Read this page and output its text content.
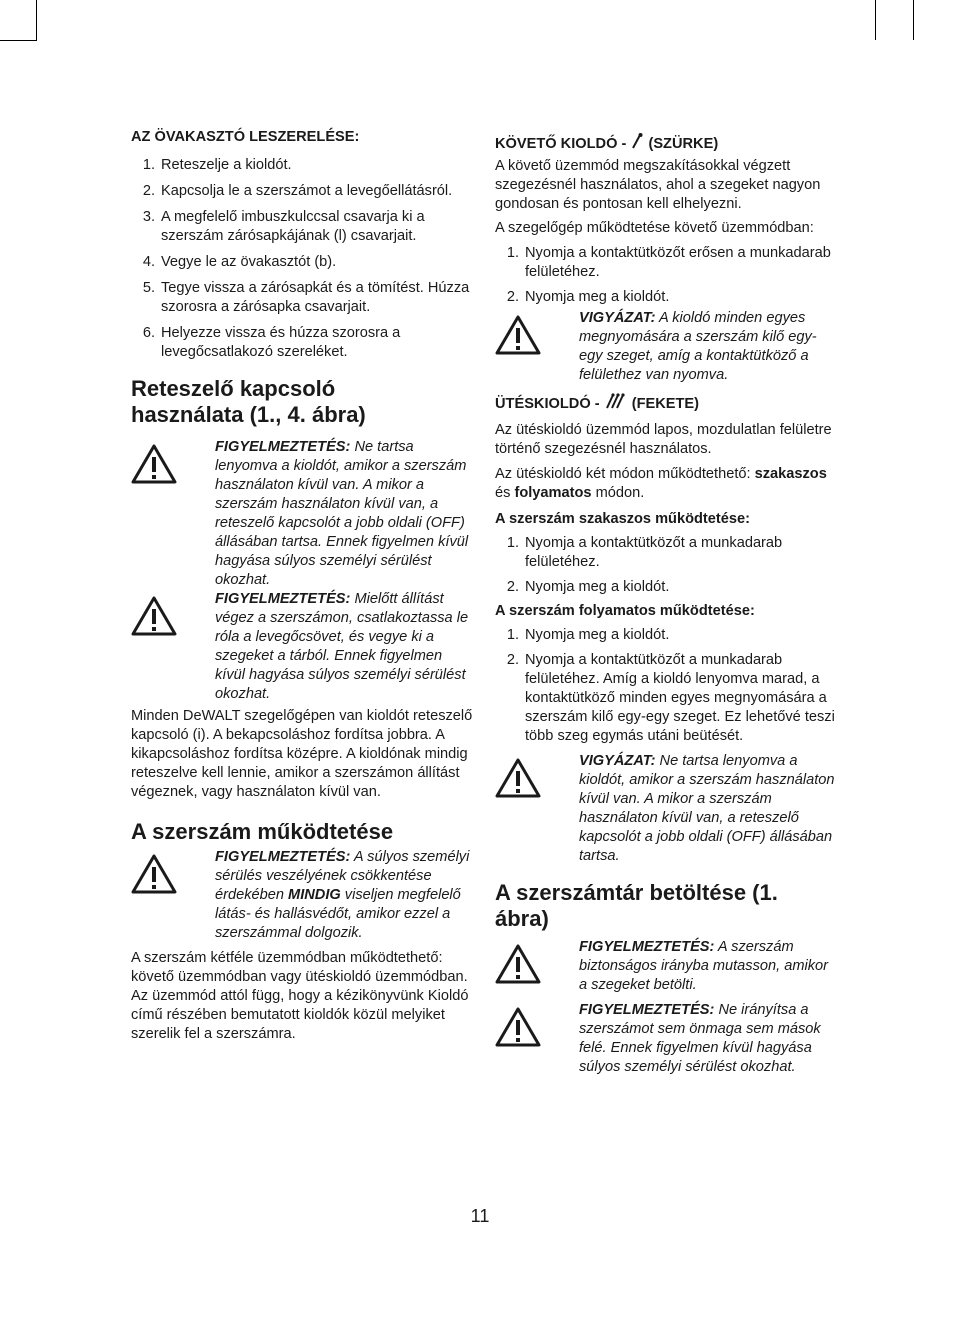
AZ ÖVAKASZTÓ LESZERELÉSE:

1. Reteszelje a kioldót.
2. Kapcsolja le a szerszámot a levegőellátásról.
3. A megfelelő imbuszkulccsal csavarja ki a szerszám zárósapkájának (l) csavarjait.
4. Vegye le az övakasztót (b).
5. Tegye vissza a zárósapkát és a tömítést. Húzza szorosra a zárósapka csavarjait.
6. Helyezze vissza és húzza szorosra a levegőcsatlakozó szereléket.

Reteszelő kapcsoló használata (1., 4. ábra)

FIGYELMEZTETÉS: Ne tartsa lenyomva a kioldót, amikor a szerszám használaton kívül van. A mikor a szerszám használaton kívül van, a reteszelő kapcsolót a jobb oldali (OFF) állásában tartsa. Ennek figyelmen kívül hagyása súlyos személyi sérülést okozhat.
FIGYELMEZTETÉS: Mielőtt állítást végez a szerszámon, csatlakoztassa le róla a levegőcsövet, és vegye ki a szegeket a tárból. Ennek figyelmen kívül hagyása súlyos személyi sérülést okozhat.

Minden DeWALT szegelőgépen van kioldót reteszelő kapcsoló (i). A bekapcsoláshoz fordítsa jobbra. A kikapcsoláshoz fordítsa középre. A kioldónak mindig reteszelve kell lennie, amikor a szerszámon állítást végeznek, vagy használaton kívül van.

A szerszám működtetése

FIGYELMEZTETÉS: A súlyos személyi sérülés veszélyének csökkentése érdekében MINDIG viseljen megfelelő látás- és hallásvédőt, amikor ezzel a szerszámmal dolgozik.

A szerszám kétféle üzemmódban működtethető: követő üzemmódban vagy ütéskioldó üzemmódban. Az üzemmód attól függ, hogy a kézikönyvünk Kioldó című részében bemutatott kioldók közül melyiket szerelik fel a szerszámra.

KÖVETŐ KIOLDÓ -  (SZÜRKE)

A követő üzemmód megszakításokkal végzett szegezésnél használatos, ahol a szegeket nagyon gondosan és pontosan kell elhelyezni.

A szegelőgép működtetése követő üzemmódban:

1. Nyomja a kontaktütközőt erősen a munkadarab felületéhez.
2. Nyomja meg a kioldót.
VIGYÁZAT: A kioldó minden egyes megnyomására a szerszám kilő egy-egy szeget, amíg a kontaktütköző a felülethez van nyomva.

ÜTÉSKIOLDÓ -  (FEKETE)

Az ütéskioldó üzemmód lapos, mozdulatlan felületre történő szegezésnél használatos.

Az ütéskioldó két módon működtethető: szakaszos és folyamatos módon.

A szerszám szakaszos működtetése:

1. Nyomja a kontaktütközőt a munkadarab felületéhez.
2. Nyomja meg a kioldót.

A szerszám folyamatos működtetése:

1. Nyomja meg a kioldót.
2. Nyomja a kontaktütközőt a munkadarab felületéhez. Amíg a kioldó lenyomva marad, a kontaktütköző minden egyes megnyomására a szerszám kilő egy-egy szeget. Ez lehetővé teszi több szeg egymás utáni beütését.
VIGYÁZAT: Ne tartsa lenyomva a kioldót, amikor a szerszám használaton kívül van. A mikor a szerszám használaton kívül van, a reteszelő kapcsolót a jobb oldali (OFF) állásában tartsa.

A szerszámtár betöltése (1. ábra)

FIGYELMEZTETÉS: A szerszám biztonságos irányba mutasson, amikor a szegeket betölti.
FIGYELMEZTETÉS: Ne irányítsa a szerszámot sem önmaga sem mások felé. Ennek figyelmen kívül hagyása súlyos személyi sérülést okozhat.
11
